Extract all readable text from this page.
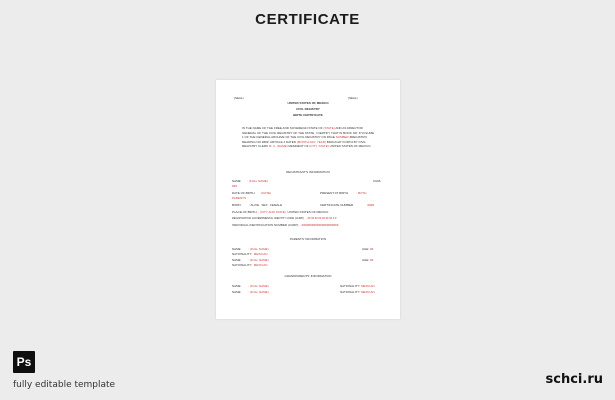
CERTIFICATE
(SEAL)	(SEAL)
UNITED STATES OF MEXICO
CIVIL REGISTRY
BIRTH CERTIFICATE
IN THE NAME OF THE FREE AND SOVEREIGN STATE OF (STATE) AND AS DIRECTOR GENERAL OF THE CIVIL REGISTRY OF THE STATE, I CERTIFY THAT IN BOOK NO. 8 VOLUME 1 OF THE GENERAL ARCHIVE OF THE CIVIL REGISTRY ON PAGE NUMBER #REGISTRO READING NO.####, ARTICLE 4 DATED (MONTH DAY, YEAR) BROUGHT FORTH BY CIVIL REGISTRY CLERK M. C. (NAME) RESIDENT OF (CITY, STATE) UNITED STATES OF MEXICO.
REGISTRANT'S INFORMATION
NAME : (FULL NAME)	CURL
###
DATE OF BIRTH : (DATE)	PRESENT AT BIRTH	: BOTH
PARENTS
BORN	: ALIVE SEX : FEMALE	CERTIFICATE NUMBER	####
PLACE OF BIRTH : (CITY AND STATE) UNITED STATES OF MEXICO
REGISTRATION GOVERNMENTAL IDENTITY CODE (CURP) : ## ## ## ## ## ## ## # #
INDIVIDUAL IDENTIFICATION NUMBER (CURP) : ######################
PARENTS' INFORMATION
NAME	: (FULL NAME)	AGE: ##
NATIONALITY: MEXICAN
NAME	: (FULL NAME)	AGE: ##
NATIONALITY: MEXICAN
GRANDPARENTS' INFORMATION
NAME	: (FULL NAME)	NATIONALITY: MEXICAN
NAME	: (FULL NAME)	NATIONALITY: MEXICAN
Ps
fully editable template	schci.ru
